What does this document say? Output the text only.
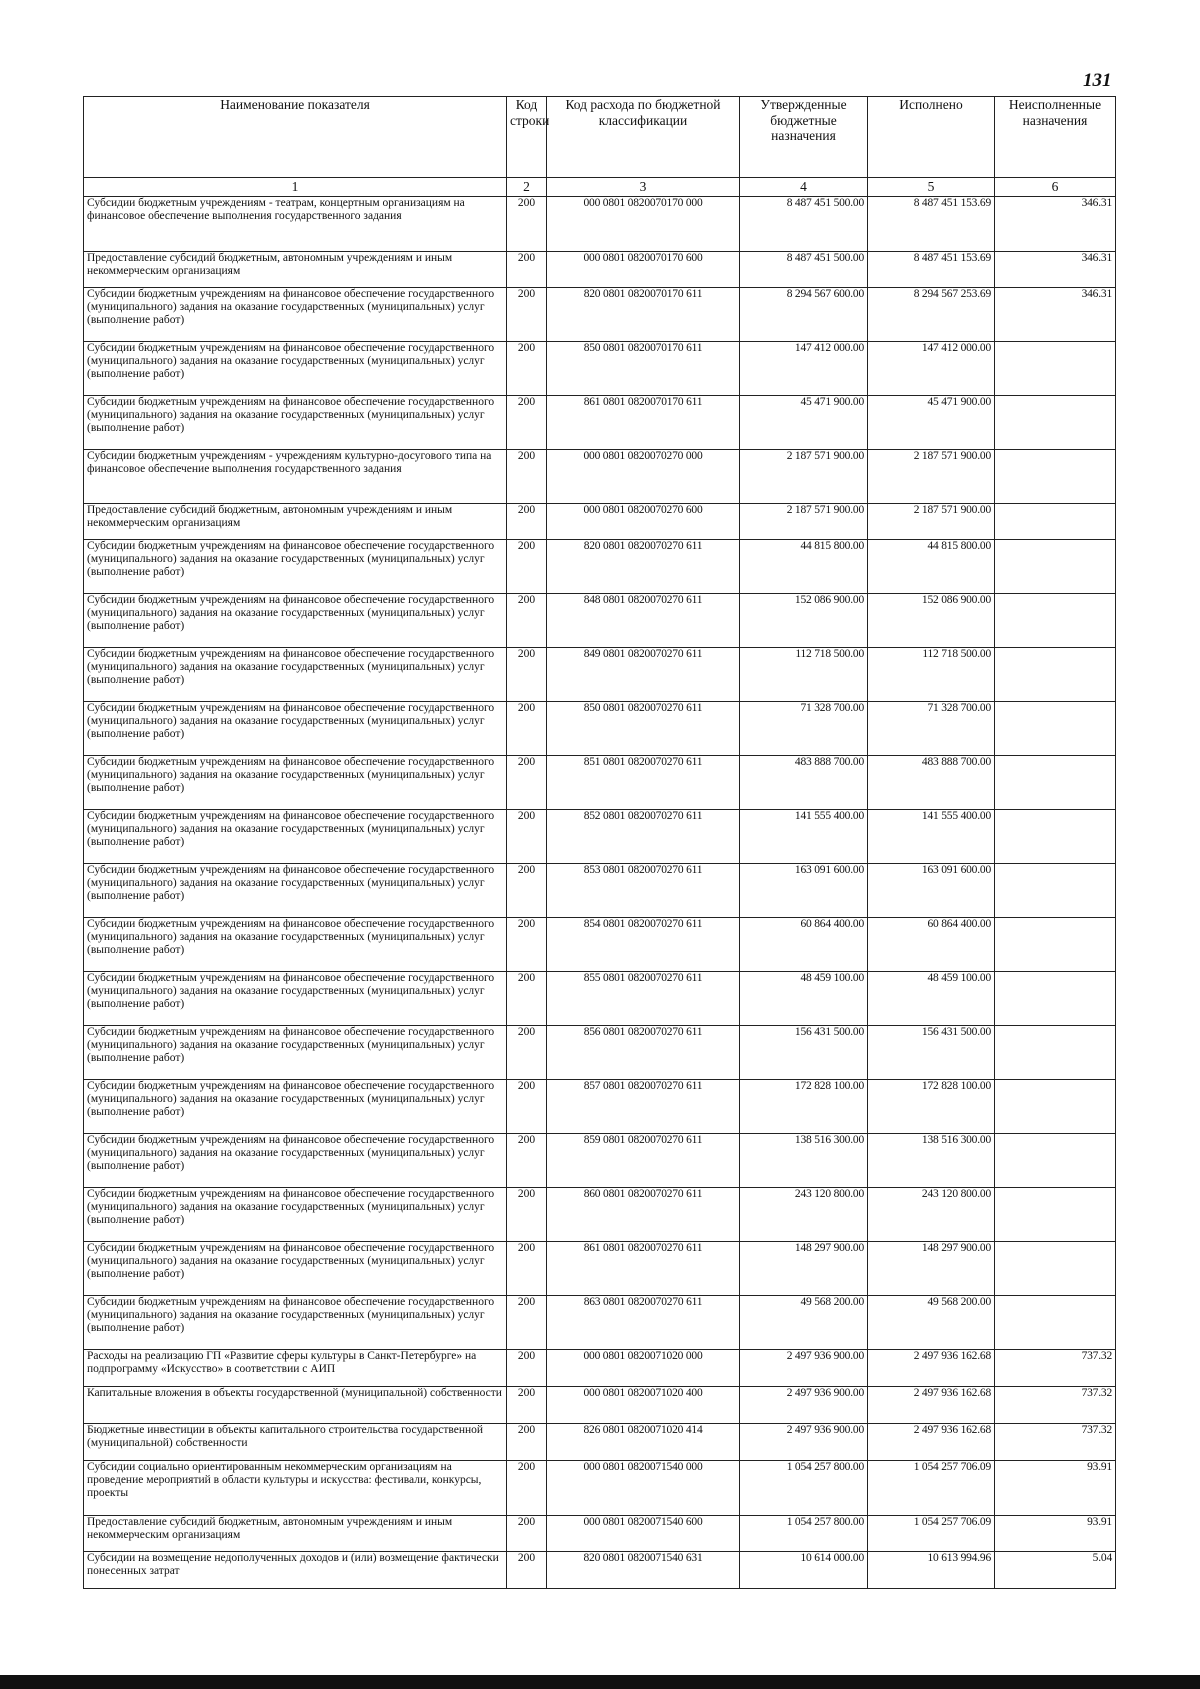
131
Наименование показателя	Код строки	Код расхода по бюджетной классификации	Утвержденные бюджетные назначения	Исполнено	Неисполненные назначения
1	2	3	4	5	6
Субсидии бюджетным учреждениям - театрам, концертным организациям на финансовое обеспечение выполнения государственного задания	200	000 0801 0820070170 000	8 487 451 500.00	8 487 451 153.69	346.31
Предоставление субсидий бюджетным, автономным учреждениям и иным некоммерческим организациям	200	000 0801 0820070170 600	8 487 451 500.00	8 487 451 153.69	346.31
Субсидии бюджетным учреждениям на финансовое обеспечение государственного (муниципального) задания на оказание государственных (муниципальных) услуг (выполнение работ)	200	820 0801 0820070170 611	8 294 567 600.00	8 294 567 253.69	346.31
Субсидии бюджетным учреждениям на финансовое обеспечение государственного (муниципального) задания на оказание государственных (муниципальных) услуг (выполнение работ)	200	850 0801 0820070170 611	147 412 000.00	147 412 000.00	
Субсидии бюджетным учреждениям на финансовое обеспечение государственного (муниципального) задания на оказание государственных (муниципальных) услуг (выполнение работ)	200	861 0801 0820070170 611	45 471 900.00	45 471 900.00	
Субсидии бюджетным учреждениям - учреждениям культурно-досугового типа на финансовое обеспечение выполнения государственного задания	200	000 0801 0820070270 000	2 187 571 900.00	2 187 571 900.00	
Предоставление субсидий бюджетным, автономным учреждениям и иным некоммерческим организациям	200	000 0801 0820070270 600	2 187 571 900.00	2 187 571 900.00	
Субсидии бюджетным учреждениям на финансовое обеспечение государственного (муниципального) задания на оказание государственных (муниципальных) услуг (выполнение работ)	200	820 0801 0820070270 611	44 815 800.00	44 815 800.00	
Субсидии бюджетным учреждениям на финансовое обеспечение государственного (муниципального) задания на оказание государственных (муниципальных) услуг (выполнение работ)	200	848 0801 0820070270 611	152 086 900.00	152 086 900.00	
Субсидии бюджетным учреждениям на финансовое обеспечение государственного (муниципального) задания на оказание государственных (муниципальных) услуг (выполнение работ)	200	849 0801 0820070270 611	112 718 500.00	112 718 500.00	
Субсидии бюджетным учреждениям на финансовое обеспечение государственного (муниципального) задания на оказание государственных (муниципальных) услуг (выполнение работ)	200	850 0801 0820070270 611	71 328 700.00	71 328 700.00	
Субсидии бюджетным учреждениям на финансовое обеспечение государственного (муниципального) задания на оказание государственных (муниципальных) услуг (выполнение работ)	200	851 0801 0820070270 611	483 888 700.00	483 888 700.00	
Субсидии бюджетным учреждениям на финансовое обеспечение государственного (муниципального) задания на оказание государственных (муниципальных) услуг (выполнение работ)	200	852 0801 0820070270 611	141 555 400.00	141 555 400.00	
Субсидии бюджетным учреждениям на финансовое обеспечение государственного (муниципального) задания на оказание государственных (муниципальных) услуг (выполнение работ)	200	853 0801 0820070270 611	163 091 600.00	163 091 600.00	
Субсидии бюджетным учреждениям на финансовое обеспечение государственного (муниципального) задания на оказание государственных (муниципальных) услуг (выполнение работ)	200	854 0801 0820070270 611	60 864 400.00	60 864 400.00	
Субсидии бюджетным учреждениям на финансовое обеспечение государственного (муниципального) задания на оказание государственных (муниципальных) услуг (выполнение работ)	200	855 0801 0820070270 611	48 459 100.00	48 459 100.00	
Субсидии бюджетным учреждениям на финансовое обеспечение государственного (муниципального) задания на оказание государственных (муниципальных) услуг (выполнение работ)	200	856 0801 0820070270 611	156 431 500.00	156 431 500.00	
Субсидии бюджетным учреждениям на финансовое обеспечение государственного (муниципального) задания на оказание государственных (муниципальных) услуг (выполнение работ)	200	857 0801 0820070270 611	172 828 100.00	172 828 100.00	
Субсидии бюджетным учреждениям на финансовое обеспечение государственного (муниципального) задания на оказание государственных (муниципальных) услуг (выполнение работ)	200	859 0801 0820070270 611	138 516 300.00	138 516 300.00	
Субсидии бюджетным учреждениям на финансовое обеспечение государственного (муниципального) задания на оказание государственных (муниципальных) услуг (выполнение работ)	200	860 0801 0820070270 611	243 120 800.00	243 120 800.00	
Субсидии бюджетным учреждениям на финансовое обеспечение государственного (муниципального) задания на оказание государственных (муниципальных) услуг (выполнение работ)	200	861 0801 0820070270 611	148 297 900.00	148 297 900.00	
Субсидии бюджетным учреждениям на финансовое обеспечение государственного (муниципального) задания на оказание государственных (муниципальных) услуг (выполнение работ)	200	863 0801 0820070270 611	49 568 200.00	49 568 200.00	
Расходы на реализацию ГП «Развитие сферы культуры в Санкт-Петербурге» на подпрограмму «Искусство» в соответствии с АИП	200	000 0801 0820071020 000	2 497 936 900.00	2 497 936 162.68	737.32
Капитальные вложения в объекты государственной (муниципальной) собственности	200	000 0801 0820071020 400	2 497 936 900.00	2 497 936 162.68	737.32
Бюджетные инвестиции в объекты капитального строительства государственной (муниципальной) собственности	200	826 0801 0820071020 414	2 497 936 900.00	2 497 936 162.68	737.32
Субсидии социально ориентированным некоммерческим организациям на проведение мероприятий в области культуры и искусства: фестивали, конкурсы, проекты	200	000 0801 0820071540 000	1 054 257 800.00	1 054 257 706.09	93.91
Предоставление субсидий бюджетным, автономным учреждениям и иным некоммерческим организациям	200	000 0801 0820071540 600	1 054 257 800.00	1 054 257 706.09	93.91
Субсидии на возмещение недополученных доходов и (или) возмещение фактически понесенных затрат	200	820 0801 0820071540 631	10 614 000.00	10 613 994.96	5.04
